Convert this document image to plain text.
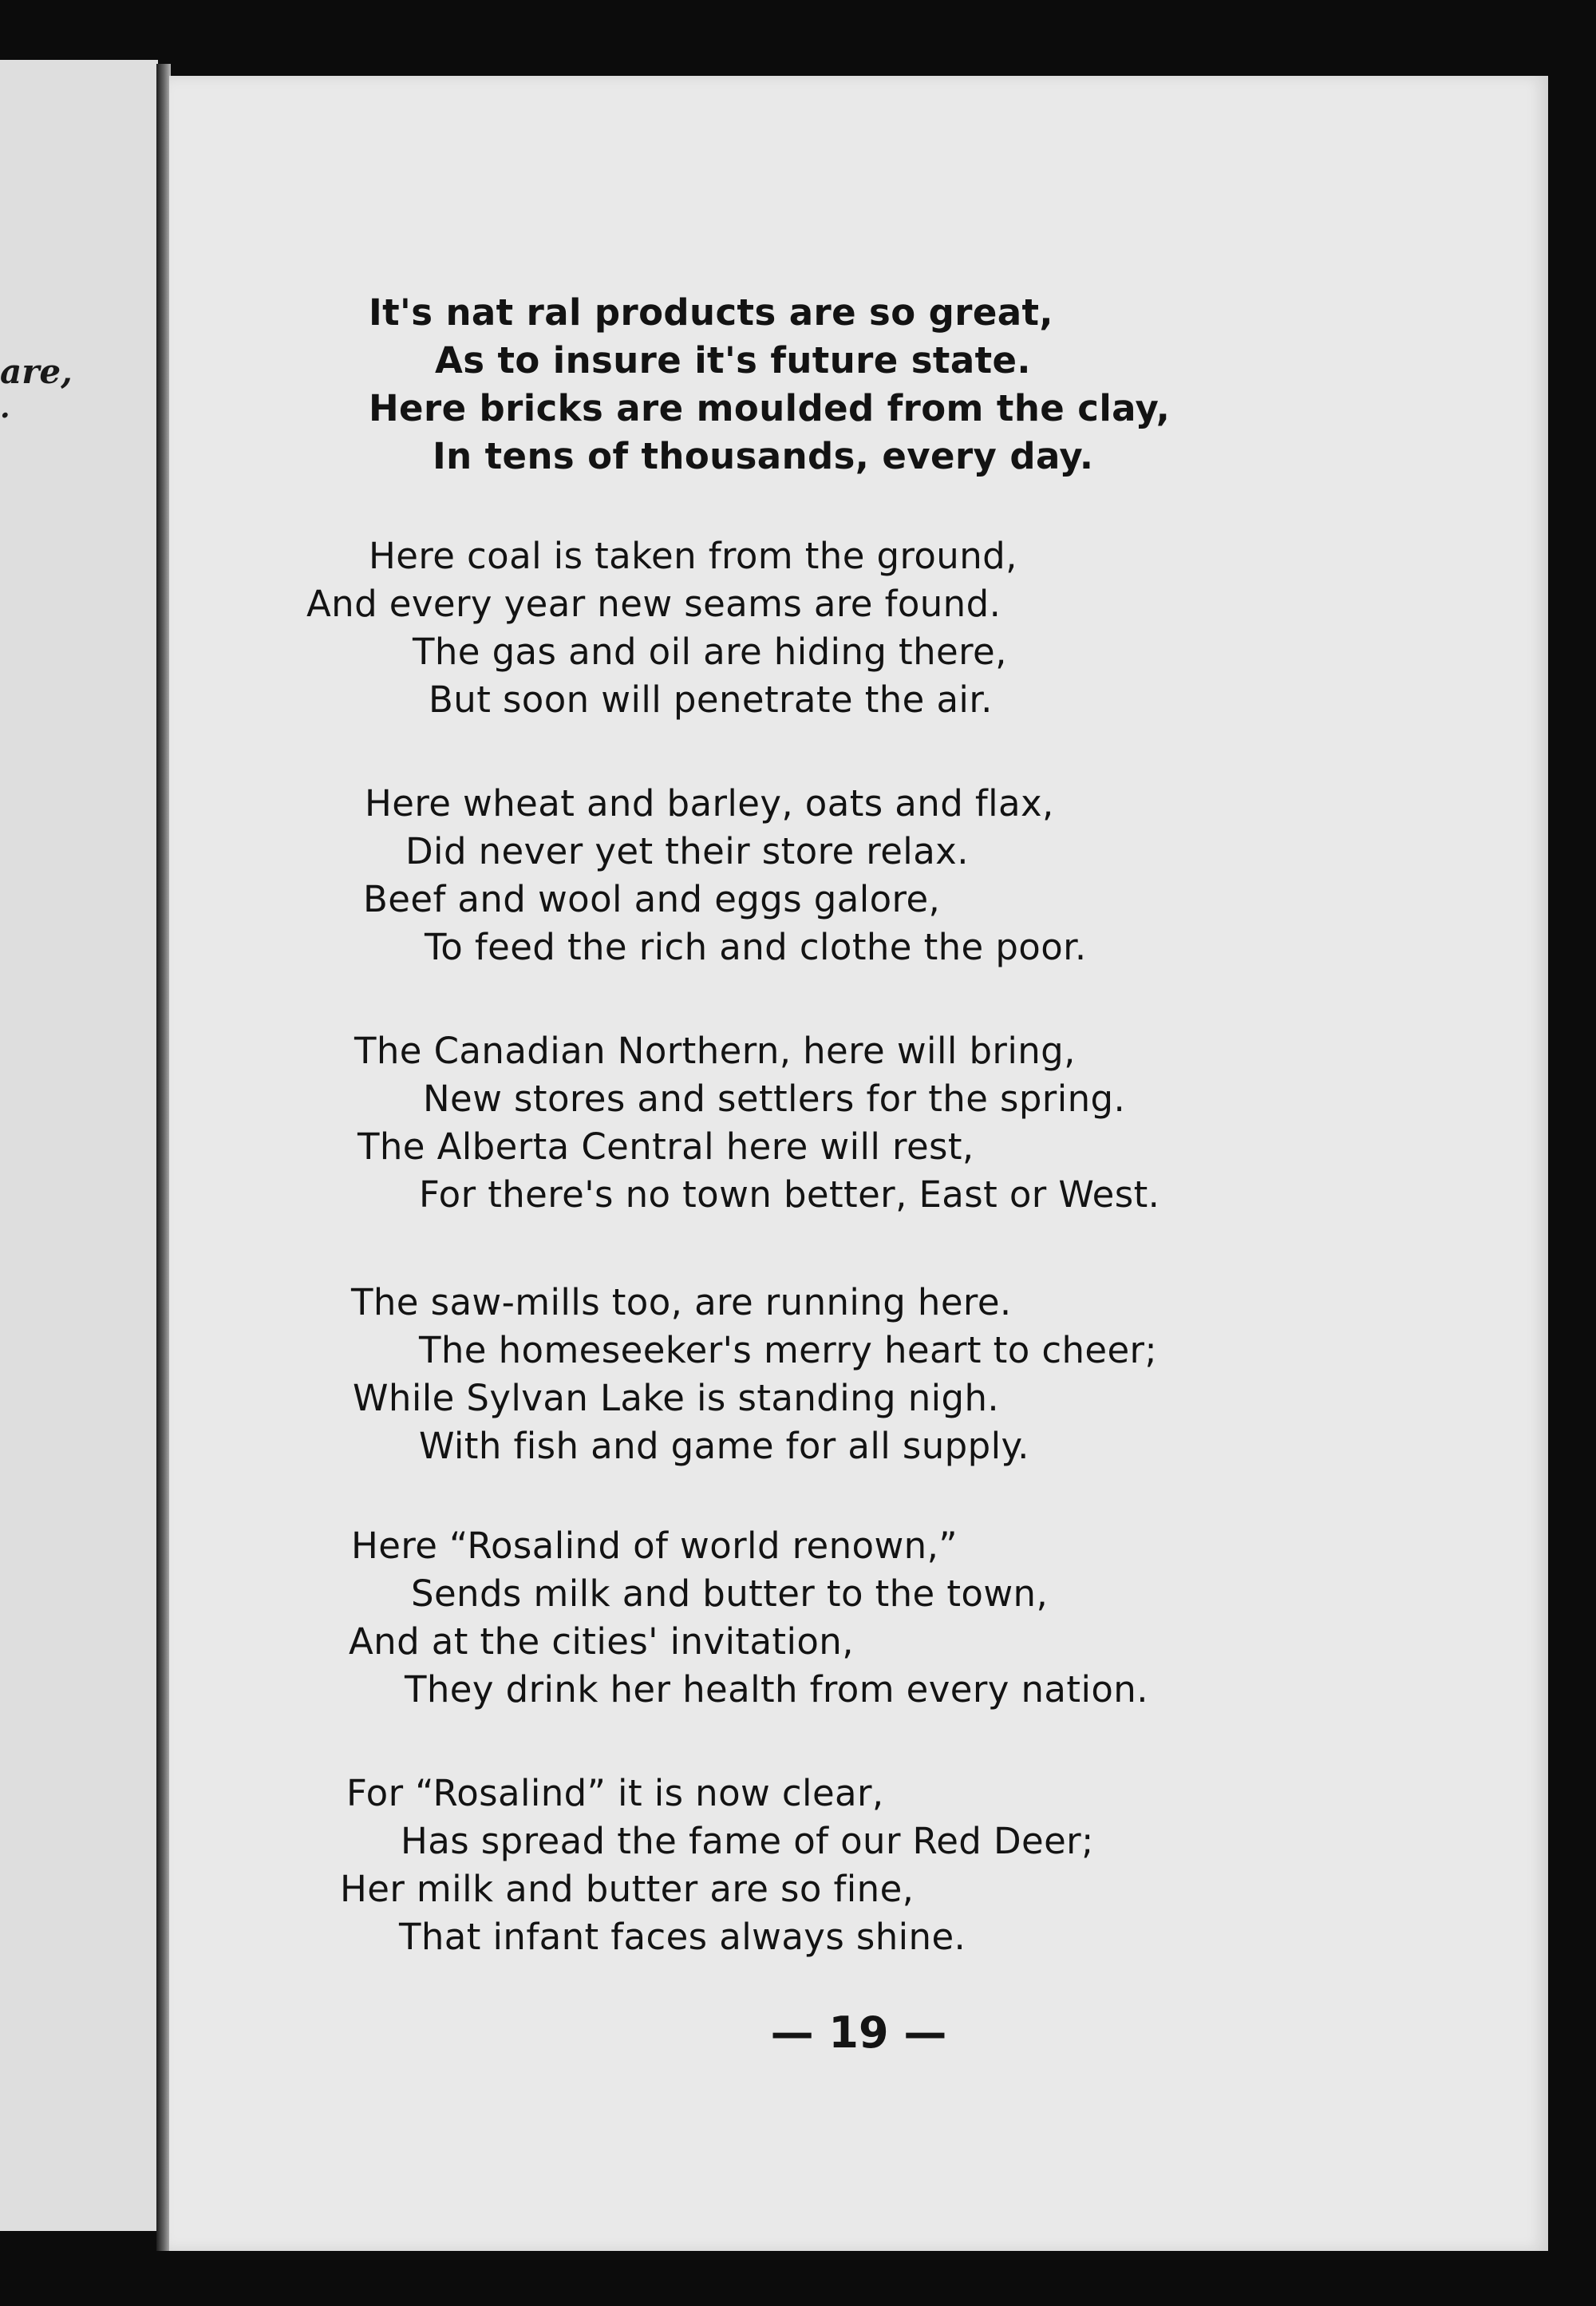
are,
.
It's nat ral products are so great,
As to insure it's future state.
Here bricks are moulded from the clay,
In tens of thousands, every day.
Here coal is taken from the ground,
And every year new seams are found.
The gas and oil are hiding there,
But soon will penetrate the air.
Here wheat and barley, oats and flax,
Did never yet their store relax.
Beef and wool and eggs galore,
To feed the rich and clothe the poor.
The Canadian Northern, here will bring,
New stores and settlers for the spring.
The Alberta Central here will rest,
For there's no town better, East or West.
The saw-mills too, are running here.
The homeseeker's merry heart to cheer;
While Sylvan Lake is standing nigh.
With fish and game for all supply.
Here “Rosalind of world renown,”
Sends milk and butter to the town,
And at the cities' invitation,
They drink her health from every nation.
For “Rosalind” it is now clear,
Has spread the fame of our Red Deer;
Her milk and butter are so fine,
That infant faces always shine.
— 19 —
